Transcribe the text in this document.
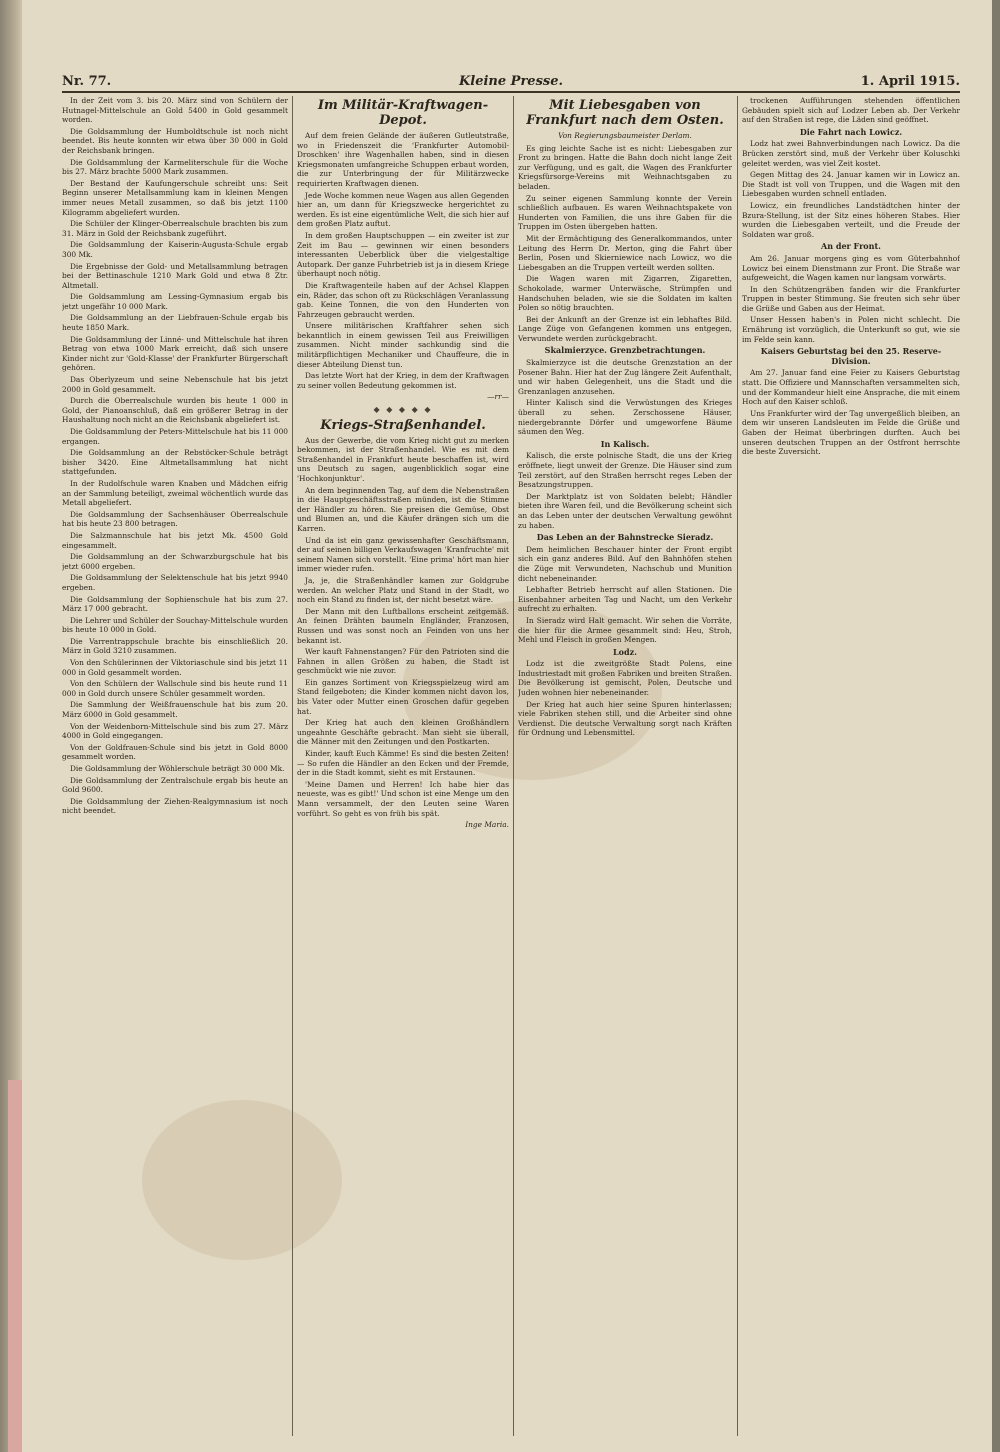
Nr. 77.	Kleine Presse.	1. April 1915.

In der Zeit vom 3. bis 20. März sind von Schülern der Hutnagel-Mittelschule an Gold 5400 in Gold gesammelt worden.

Die Goldsammlung der Humboldtschule ist noch nicht beendet. Bis heute konnten wir etwa über 30 000 in Gold der Reichsbank bringen.

Die Goldsammlung der Karmeliterschule für die Woche bis 27. März brachte 5000 Mark zusammen.

Der Bestand der Kaufungerschule schreibt uns: Seit Beginn unserer Metallsammlung kam in kleinen Mengen immer neues Metall zusammen, so daß bis jetzt 1100 Kilogramm abgeliefert wurden.

Die Schüler der Klinger-Oberrealschule brachten bis zum 31. März in Gold der Reichsbank zugeführt.

Die Goldsammlung der Kaiserin-Augusta-Schule ergab 300 Mk.

Die Ergebnisse der Gold- und Metallsammlung betragen bei der Bettinaschule 1210 Mark Gold und etwa 8 Ztr. Altmetall.

Die Goldsammlung am Lessing-Gymnasium ergab bis jetzt ungefähr 10 000 Mark.

Die Goldsammlung an der Liebfrauen-Schule ergab bis heute 1850 Mark.

Die Goldsammlung der Linné- und Mittelschule hat ihren Betrag von etwa 1000 Mark erreicht, daß sich unsere Kinder nicht zur 'Gold-Klasse' der Frankfurter Bürgerschaft gehören.

Das Oberlyzeum und seine Nebenschule hat bis jetzt 2000 in Gold gesammelt.

Durch die Oberrealschule wurden bis heute 1 000 in Gold, der Pianoanschluß, daß ein größerer Betrag in der Haushaltung noch nicht an die Reichsbank abgeliefert ist.

Die Goldsammlung der Peters-Mittelschule hat bis 11 000 ergangen.

Die Goldsammlung an der Rebstöcker-Schule beträgt bisher 3420. Eine Altmetallsammlung hat nicht stattgefunden.

In der Rudolfschule waren Knaben und Mädchen eifrig an der Sammlung beteiligt, zweimal wöchentlich wurde das Metall abgeliefert.

Die Goldsammlung der Sachsenhäuser Oberrealschule hat bis heute 23 800 betragen.

Die Salzmannschule hat bis jetzt Mk. 4500 Gold eingesammelt.

Die Goldsammlung an der Schwarzburgschule hat bis jetzt 6000 ergeben.

Die Goldsammlung der Selektenschule hat bis jetzt 9940 ergeben.

Die Goldsammlung der Sophienschule hat bis zum 27. März 17 000 gebracht.

Die Lehrer und Schüler der Souchay-Mittelschule wurden bis heute 10 000 in Gold.

Die Varrentrappschule brachte bis einschließlich 20. März in Gold 3210 zusammen.

Von den Schülerinnen der Viktoriaschule sind bis jetzt 11 000 in Gold gesammelt worden.

Von den Schülern der Wallschule sind bis heute rund 11 000 in Gold durch unsere Schüler gesammelt worden.

Die Sammlung der Weißfrauenschule hat bis zum 20. März 6000 in Gold gesammelt.

Von der Weidenborn-Mittelschule sind bis zum 27. März 4000 in Gold eingegangen.

Von der Goldfrauen-Schule sind bis jetzt in Gold 8000 gesammelt worden.

Die Goldsammlung der Wöhlerschule beträgt 30 000 Mk.

Die Goldsammlung der Zentralschule ergab bis heute an Gold 9600.

Die Goldsammlung der Ziehen-Realgymnasium ist noch nicht beendet.

Im Militär-Kraftwagen-Depot.

Auf dem freien Gelände der äußeren Gutleutstraße, wo in Friedenszeit die 'Frankfurter Automobil-Droschken' ihre Wagenhallen haben, sind in diesen Kriegsmonaten umfangreiche Schuppen erbaut worden, die zur Unterbringung der für Militärzwecke requirierten Kraftwagen dienen.

Jede Woche kommen neue Wagen aus allen Gegenden hier an, um dann für Kriegszwecke hergerichtet zu werden. Es ist eine eigentümliche Welt, die sich hier auf dem großen Platz auftut.

In dem großen Hauptschuppen — ein zweiter ist zur Zeit im Bau — gewinnen wir einen besonders interessanten Ueberblick über die vielgestaltige Autopark. Der ganze Fuhrbetrieb ist ja in diesem Kriege überhaupt noch nötig.

Die Kraftwagenteile haben auf der Achsel Klappen ein, Räder, das schon oft zu Rückschlägen Veranlassung gab. Keine Tonnen, die von den Hunderten von Fahrzeugen gebraucht werden.

Unsere militärischen Kraftfahrer sehen sich bekanntlich in einem gewissen Teil aus Freiwilligen zusammen. Nicht minder sachkundig sind die militärpflichtigen Mechaniker und Chauffeure, die in dieser Abteilung Dienst tun.

Das letzte Wort hat der Krieg, in dem der Kraftwagen zu seiner vollen Bedeutung gekommen ist.

—rr—
◆ ◆ ◆ ◆ ◆
Kriegs-Straßenhandel.

Aus der Gewerbe, die vom Krieg nicht gut zu merken bekommen, ist der Straßenhandel. Wie es mit dem Straßenhandel in Frankfurt heute beschaffen ist, wird uns Deutsch zu sagen, augenblicklich sogar eine 'Hochkonjunktur'.

An dem beginnenden Tag, auf dem die Nebenstraßen in die Hauptgeschäftsstraßen münden, ist die Stimme der Händler zu hören. Sie preisen die Gemüse, Obst und Blumen an, und die Käufer drängen sich um die Karren.

Und da ist ein ganz gewissenhafter Geschäftsmann, der auf seinen billigen Verkaufswagen 'Kranfruchte' mit seinem Namen sich vorstellt. 'Eine prima' hört man hier immer wieder rufen.

Ja, je, die Straßenhändler kamen zur Goldgrube werden. An welcher Platz und Stand in der Stadt, wo noch ein Stand zu finden ist, der nicht besetzt wäre.

Der Mann mit den Luftballons erscheint zeitgemäß. An feinen Drähten baumeln Engländer, Franzosen, Russen und was sonst noch an Feinden von uns her bekannt ist.

Wer kauft Fahnenstangen? Für den Patrioten sind die Fahnen in allen Größen zu haben, die Stadt ist geschmückt wie nie zuvor.

Ein ganzes Sortiment von Kriegsspielzeug wird am Stand feilgeboten; die Kinder kommen nicht davon los, bis Vater oder Mutter einen Groschen dafür gegeben hat.

Der Krieg hat auch den kleinen Großhändlern ungeahnte Geschäfte gebracht. Man sieht sie überall, die Männer mit den Zeitungen und den Postkarten.

Kinder, kauft Euch Kämme! Es sind die besten Zeiten! — So rufen die Händler an den Ecken und der Fremde, der in die Stadt kommt, sieht es mit Erstaunen.

'Meine Damen und Herren! Ich habe hier das neueste, was es gibt!' Und schon ist eine Menge um den Mann versammelt, der den Leuten seine Waren vorführt. So geht es von früh bis spät.

Inge Maria.
Mit Liebesgaben von Frankfurt nach dem Osten.
Von Regierungsbaumeister Derlam.

Es ging leichte Sache ist es nicht: Liebesgaben zur Front zu bringen. Hatte die Bahn doch nicht lange Zeit zur Verfügung, und es galt, die Wagen des Frankfurter Kriegsfürsorge-Vereins mit Weihnachtsgaben zu beladen.

Zu seiner eigenen Sammlung konnte der Verein schließlich aufbauen. Es waren Weihnachtspakete von Hunderten von Familien, die uns ihre Gaben für die Truppen im Osten übergeben hatten.

Mit der Ermächtigung des Generalkommandos, unter Leitung des Herrn Dr. Merton, ging die Fahrt über Berlin, Posen und Skierniewice nach Lowicz, wo die Liebesgaben an die Truppen verteilt werden sollten.

Die Wagen waren mit Zigarren, Zigaretten, Schokolade, warmer Unterwäsche, Strümpfen und Handschuhen beladen, wie sie die Soldaten im kalten Polen so nötig brauchten.

Bei der Ankunft an der Grenze ist ein lebhaftes Bild. Lange Züge von Gefangenen kommen uns entgegen, Verwundete werden zurückgebracht.

Skalmierzyce. Grenzbetrachtungen.

Skalmierzyce ist die deutsche Grenzstation an der Posener Bahn. Hier hat der Zug längere Zeit Aufenthalt, und wir haben Gelegenheit, uns die Stadt und die Grenzanlagen anzusehen.

Hinter Kalisch sind die Verwüstungen des Krieges überall zu sehen. Zerschossene Häuser, niedergebrannte Dörfer und umgeworfene Bäume säumen den Weg.

In Kalisch.

Kalisch, die erste polnische Stadt, die uns der Krieg eröffnete, liegt unweit der Grenze. Die Häuser sind zum Teil zerstört, auf den Straßen herrscht reges Leben der Besatzungstruppen.

Der Marktplatz ist von Soldaten belebt; Händler bieten ihre Waren feil, und die Bevölkerung scheint sich an das Leben unter der deutschen Verwaltung gewöhnt zu haben.

Das Leben an der Bahnstrecke Sieradz.

Dem heimlichen Beschauer hinter der Front ergibt sich ein ganz anderes Bild. Auf den Bahnhöfen stehen die Züge mit Verwundeten, Nachschub und Munition dicht nebeneinander.

Lebhafter Betrieb herrscht auf allen Stationen. Die Eisenbahner arbeiten Tag und Nacht, um den Verkehr aufrecht zu erhalten.

In Sieradz wird Halt gemacht. Wir sehen die Vorräte, die hier für die Armee gesammelt sind: Heu, Stroh, Mehl und Fleisch in großen Mengen.

Lodz.

Lodz ist die zweitgrößte Stadt Polens, eine Industriestadt mit großen Fabriken und breiten Straßen. Die Bevölkerung ist gemischt, Polen, Deutsche und Juden wohnen hier nebeneinander.

Der Krieg hat auch hier seine Spuren hinterlassen; viele Fabriken stehen still, und die Arbeiter sind ohne Verdienst. Die deutsche Verwaltung sorgt nach Kräften für Ordnung und Lebensmittel.

trockenen Aufführungen stehenden öffentlichen Gebäuden spielt sich auf Lodzer Leben ab. Der Verkehr auf den Straßen ist rege, die Läden sind geöffnet.

Die Fahrt nach Lowicz.

Lodz hat zwei Bahnverbindungen nach Lowicz. Da die Brücken zerstört sind, muß der Verkehr über Koluschki geleitet werden, was viel Zeit kostet.

Gegen Mittag des 24. Januar kamen wir in Lowicz an. Die Stadt ist voll von Truppen, und die Wagen mit den Liebesgaben wurden schnell entladen.

Lowicz, ein freundliches Landstädtchen hinter der Bzura-Stellung, ist der Sitz eines höheren Stabes. Hier wurden die Liebesgaben verteilt, und die Freude der Soldaten war groß.

An der Front.

Am 26. Januar morgens ging es vom Güterbahnhof Lowicz bei einem Dienstmann zur Front. Die Straße war aufgeweicht, die Wagen kamen nur langsam vorwärts.

In den Schützengräben fanden wir die Frankfurter Truppen in bester Stimmung. Sie freuten sich sehr über die Grüße und Gaben aus der Heimat.

Unser Hessen haben's in Polen nicht schlecht. Die Ernährung ist vorzüglich, die Unterkunft so gut, wie sie im Felde sein kann.

Kaisers Geburtstag bei den 25. Reserve-Division.

Am 27. Januar fand eine Feier zu Kaisers Geburtstag statt. Die Offiziere und Mannschaften versammelten sich, und der Kommandeur hielt eine Ansprache, die mit einem Hoch auf den Kaiser schloß.

Uns Frankfurter wird der Tag unvergeßlich bleiben, an dem wir unseren Landsleuten im Felde die Grüße und Gaben der Heimat überbringen durften. Auch bei unseren deutschen Truppen an der Ostfront herrschte die beste Zuversicht.
